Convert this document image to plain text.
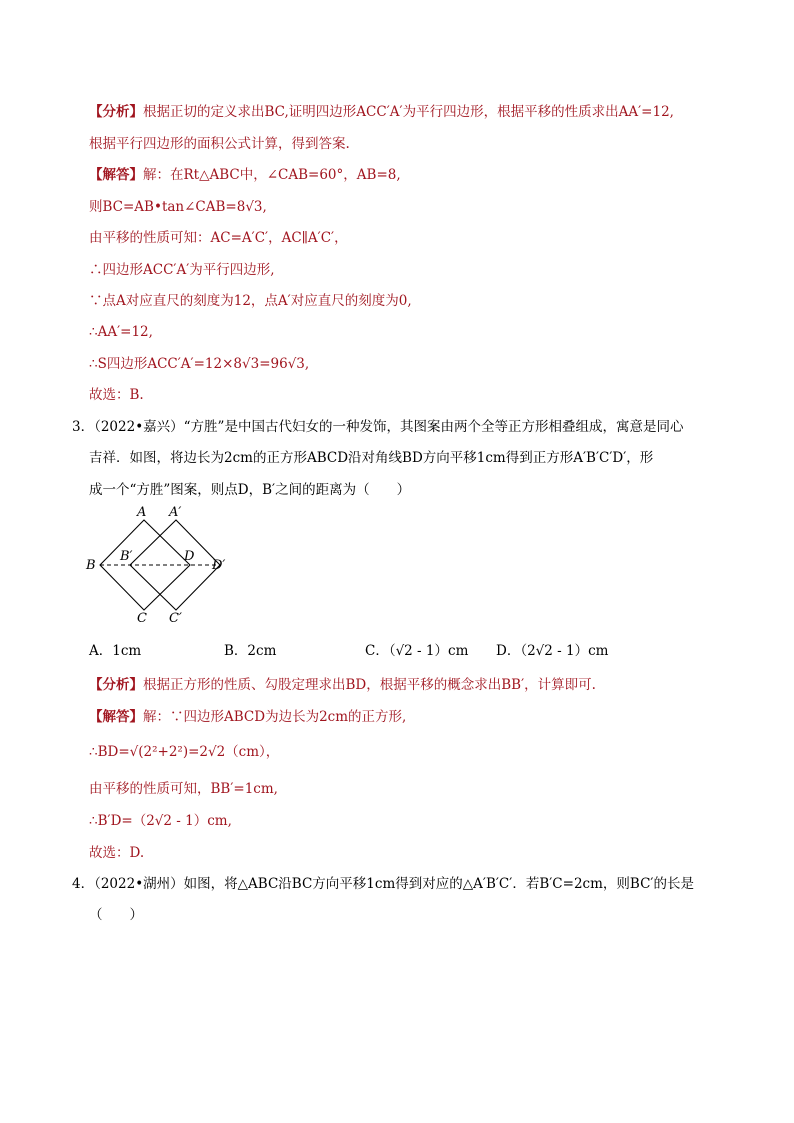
【分析】根据正切的定义求出BC,证明四边形ACC′A′为平行四边形，根据平移的性质求出AA′=12,
根据平行四边形的面积公式计算，得到答案.
【解答】解：在Rt△ABC中，∠CAB=60°，AB=8,
则BC=AB•tan∠CAB=8√3,
由平移的性质可知：AC=A′C′，AC∥A′C′，
∴四边形ACC′A′为平行四边形,
∵点A对应直尺的刻度为12，点A′对应直尺的刻度为0,
∴AA′=12,
∴S四边形ACC′A′=12×8√3=96√3,
故选：B.
3．（2022•嘉兴）“方胜”是中国古代妇女的一种发饰，其图案由两个全等正方形相叠组成，寓意是同心
吉祥．如图，将边长为2cm的正方形ABCD沿对角线BD方向平移1cm得到正方形A′B′C′D′，形
成一个“方胜”图案，则点D，B′之间的距离为（　　）
A A′
B
B′	D
D′
C C′
A．1cm	B．2cm	C．（√2 - 1）cm D．（2√2 - 1）cm
【分析】根据正方形的性质、勾股定理求出BD，根据平移的概念求出BB′，计算即可.
【解答】解：∵四边形ABCD为边长为2cm的正方形,
∴BD=√(2²+2²)=2√2（cm），
由平移的性质可知，BB′=1cm,
∴B′D=（2√2 - 1）cm,
故选：D.
4．（2022•湖州）如图，将△ABC沿BC方向平移1cm得到对应的△A′B′C′．若B′C=2cm，则BC′的长是
（　　）
